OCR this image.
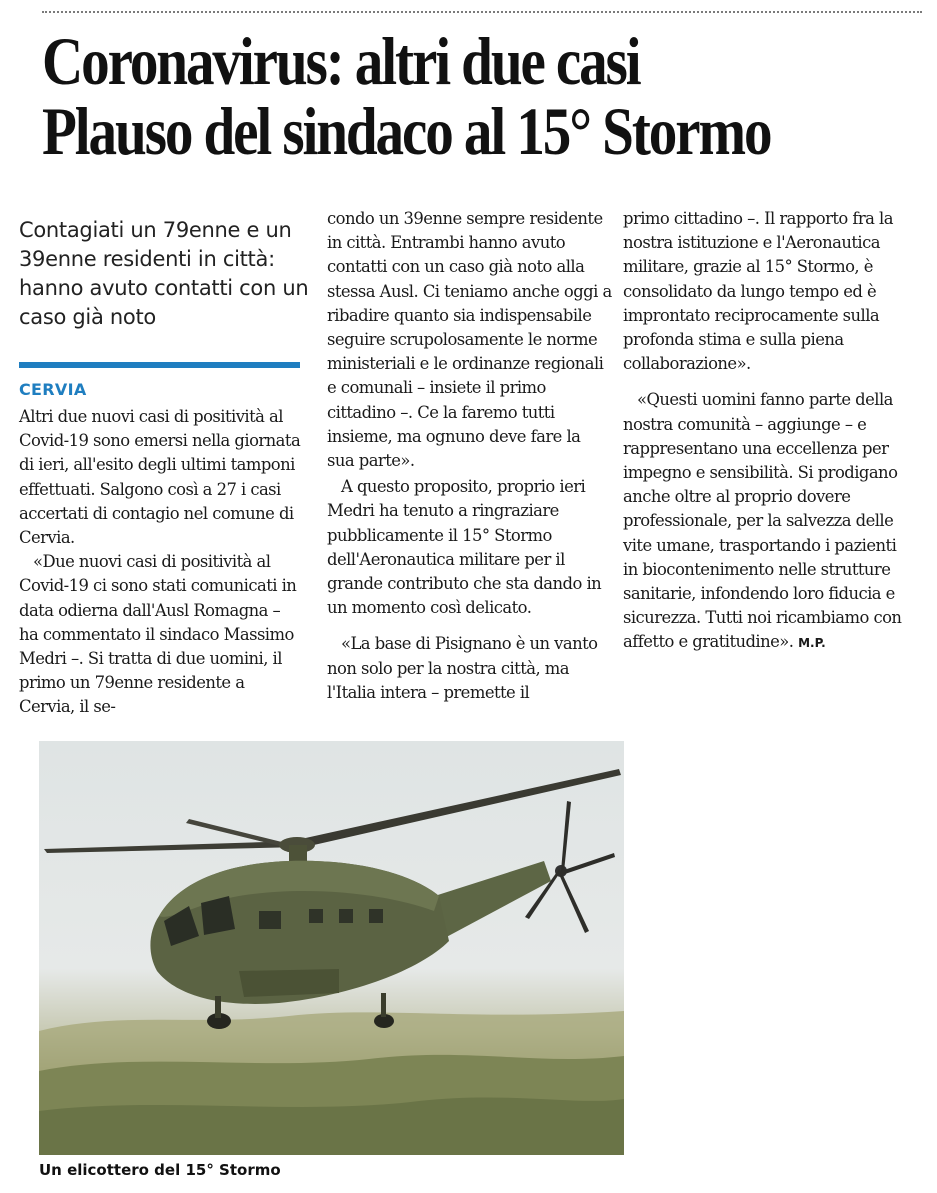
Coronavirus: altri due casi
Plauso del sindaco al 15° Stormo
Contagiati un 79enne e un 39enne residenti in città: hanno avuto contatti con un caso già noto
CERVIA

Altri due nuovi casi di positività al Covid-19 sono emersi nella giornata di ieri, all'esito degli ultimi tamponi effettuati. Salgono così a 27 i casi accertati di contagio nel comune di Cervia.

«Due nuovi casi di positività al Covid-19 ci sono stati comunicati in data odierna dall'Ausl Romagna – ha commentato il sindaco Massimo Medri –. Si tratta di due uomini, il primo un 79enne residente a Cervia, il se-

condo un 39enne sempre residente in città. Entrambi hanno avuto contatti con un caso già noto alla stessa Ausl. Ci teniamo anche oggi a ribadire quanto sia indispensabile seguire scrupolosamente le norme ministeriali e le ordinanze regionali e comunali – insiete il primo cittadino –. Ce la faremo tutti insieme, ma ognuno deve fare la sua parte».

A questo proposito, proprio ieri Medri ha tenuto a ringraziare pubblicamente il 15° Stormo dell'Aeronautica militare per il grande contributo che sta dando in un momento così delicato.

«La base di Pisignano è un vanto non solo per la nostra città, ma l'Italia intera – premette il

primo cittadino –. Il rapporto fra la nostra istituzione e l'Aeronautica militare, grazie al 15° Stormo, è consolidato da lungo tempo ed è improntato reciprocamente sulla profonda stima e sulla piena collaborazione».

«Questi uomini fanno parte della nostra comunità – aggiunge – e rappresentano una eccellenza per impegno e sensibilità. Si prodigano anche oltre al proprio dovere professionale, per la salvezza delle vite umane, trasportando i pazienti in biocontenimento nelle strutture sanitarie, infondendo loro fiducia e sicurezza. Tutti noi ricambiamo con affetto e gratitudine». M.P.

Un elicottero del 15° Stormo
